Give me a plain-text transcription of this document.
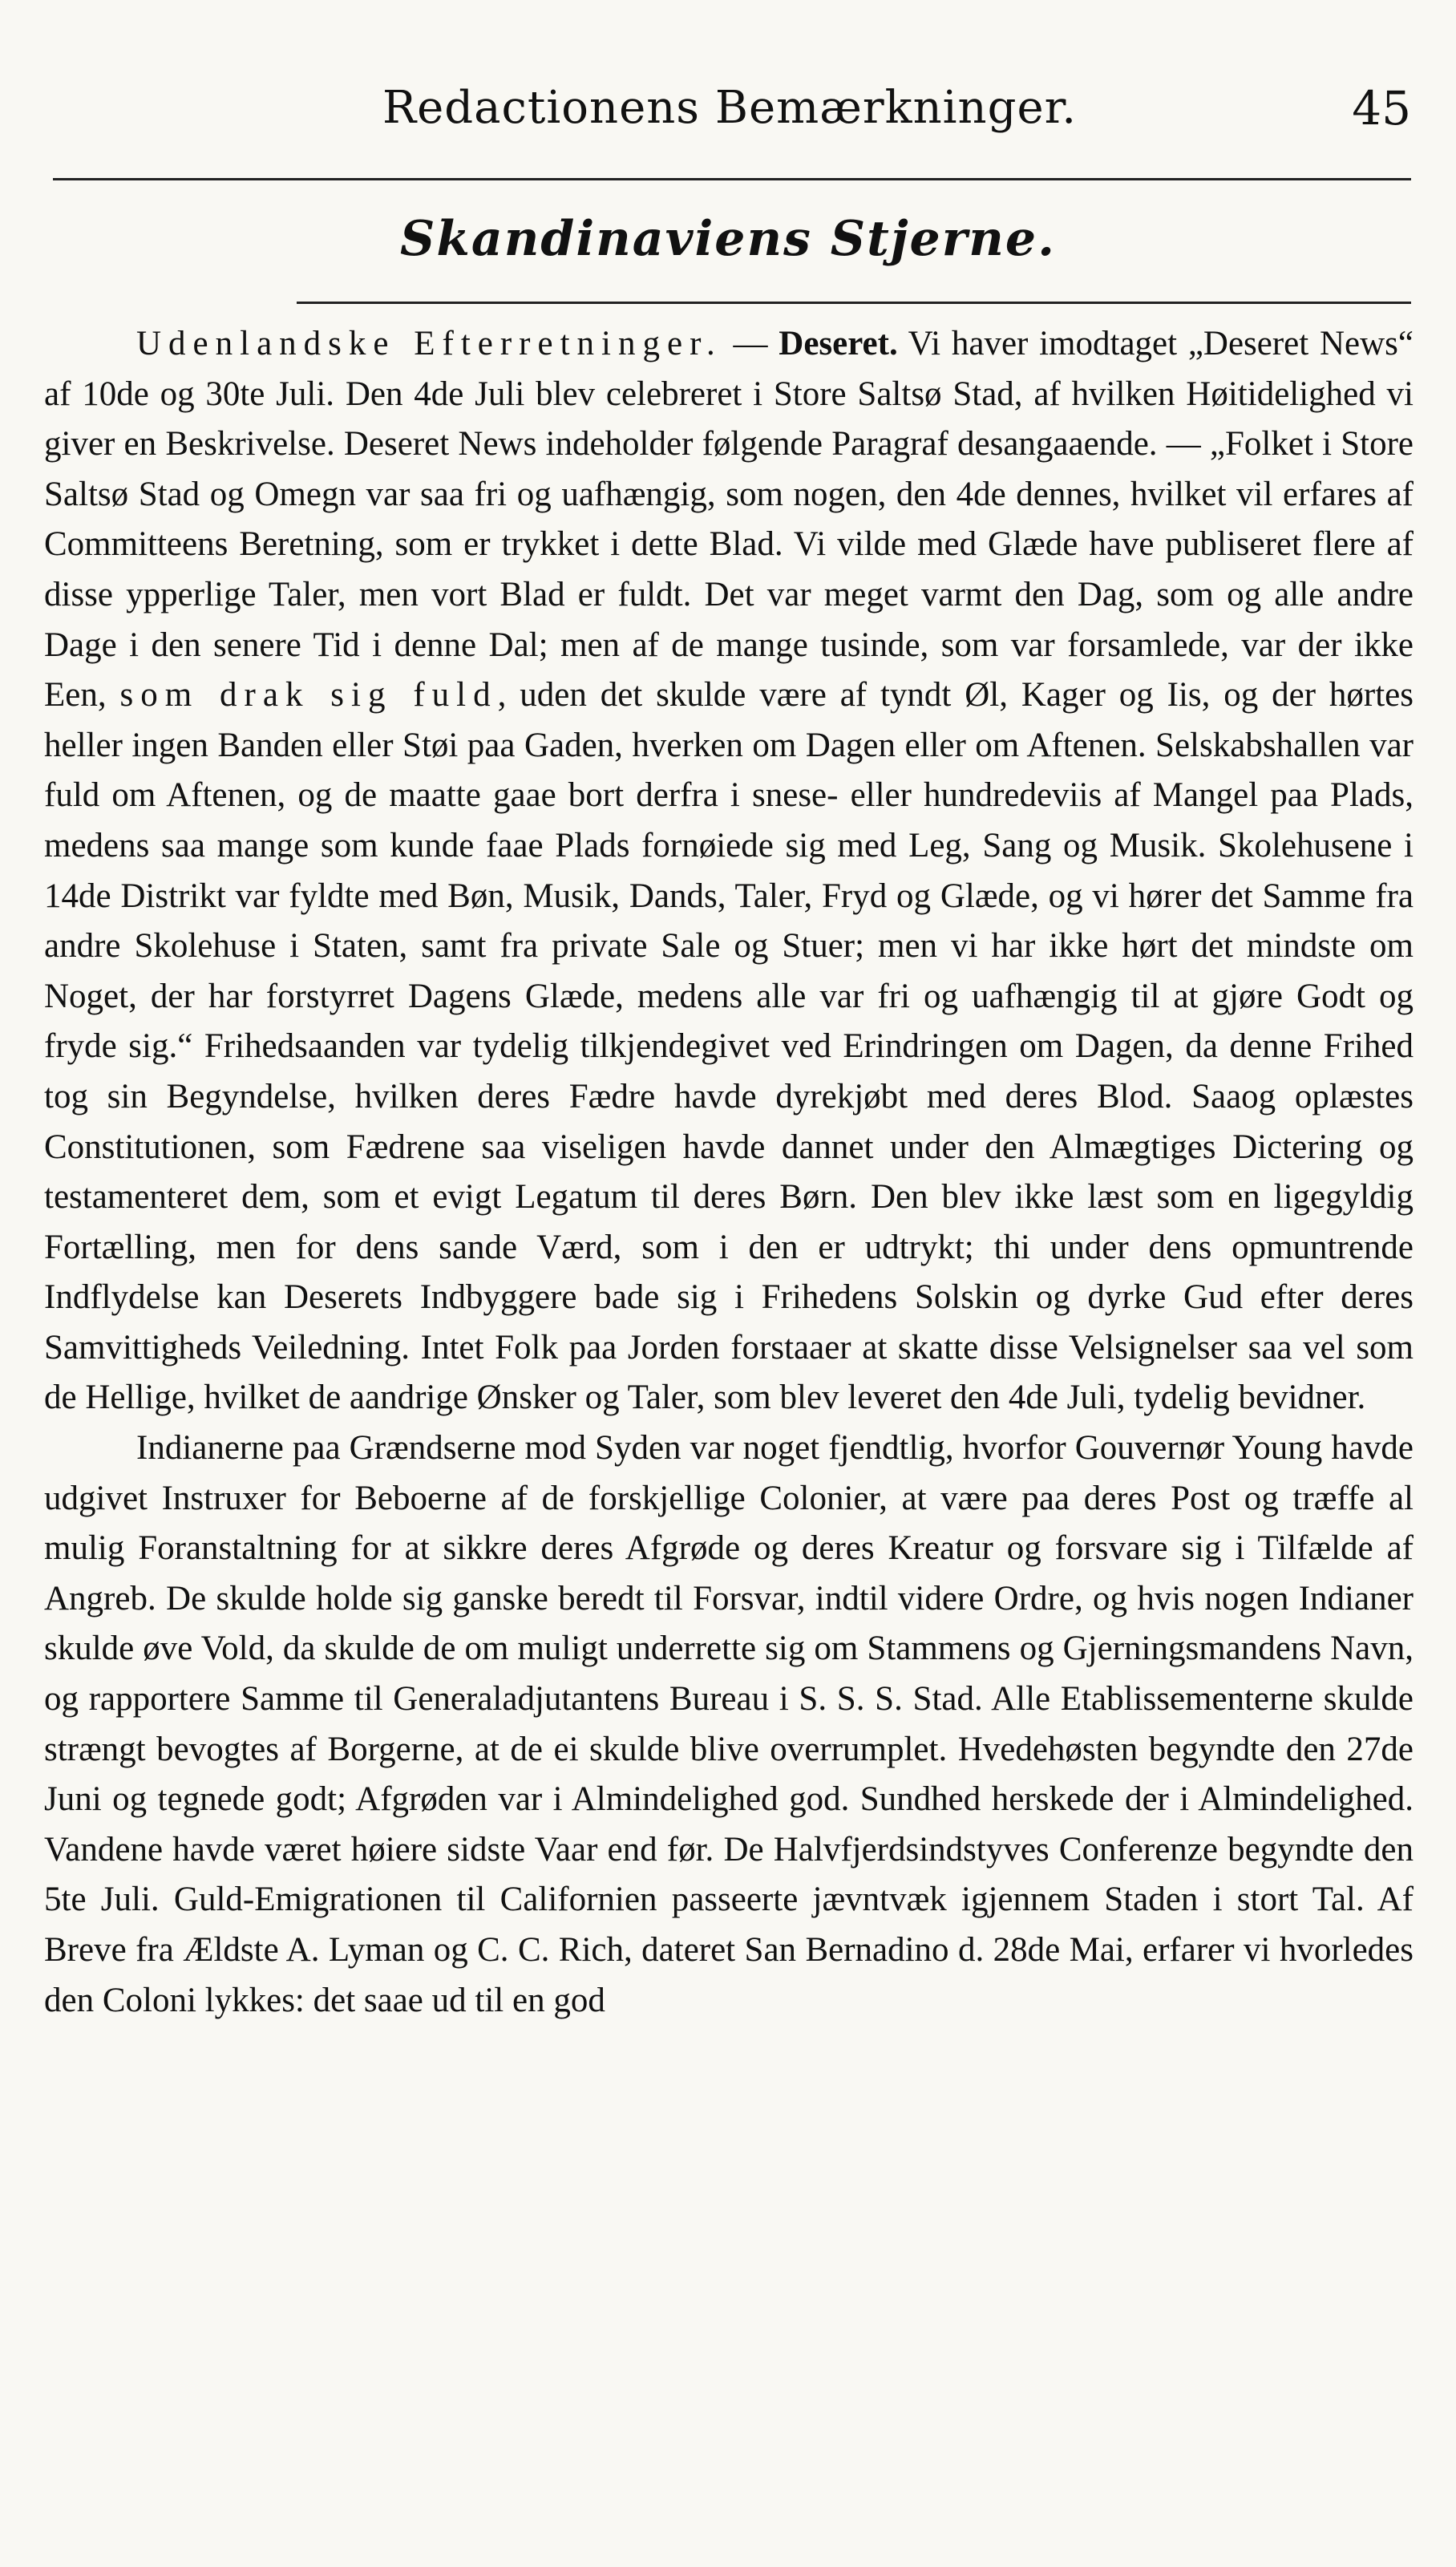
Redactionens Bemærkninger.	45
Skandinaviens Stjerne.

Udenlandske Efterretninger. — Deseret. Vi haver imodtaget „Deseret News“ af 10de og 30te Juli. Den 4de Juli blev celebreret i Store Saltsø Stad, af hvilken Høitidelighed vi giver en Beskrivelse. Deseret News indeholder følgende Paragraf desangaaende. — „Folket i Store Saltsø Stad og Omegn var saa fri og uafhængig, som nogen, den 4de dennes, hvilket vil erfares af Committeens Beretning, som er trykket i dette Blad. Vi vilde med Glæde have publiseret flere af disse ypperlige Taler, men vort Blad er fuldt. Det var meget varmt den Dag, som og alle andre Dage i den senere Tid i denne Dal; men af de mange tusinde, som var forsamlede, var der ikke Een, som drak sig fuld, uden det skulde være af tyndt Øl, Kager og Iis, og der hørtes heller ingen Banden eller Støi paa Gaden, hverken om Dagen eller om Aftenen. Selskabshallen var fuld om Aftenen, og de maatte gaae bort derfra i snese- eller hundredeviis af Mangel paa Plads, medens saa mange som kunde faae Plads fornøiede sig med Leg, Sang og Musik. Skolehusene i 14de Distrikt var fyldte med Bøn, Musik, Dands, Taler, Fryd og Glæde, og vi hører det Samme fra andre Skolehuse i Staten, samt fra private Sale og Stuer; men vi har ikke hørt det mindste om Noget, der har forstyrret Dagens Glæde, medens alle var fri og uafhængig til at gjøre Godt og fryde sig.“ Frihedsaanden var tydelig tilkjendegivet ved Erindringen om Dagen, da denne Frihed tog sin Begyndelse, hvilken deres Fædre havde dyrekjøbt med deres Blod. Saaog oplæstes Constitutionen, som Fædrene saa viseligen havde dannet under den Almægtiges Dictering og testamenteret dem, som et evigt Legatum til deres Børn. Den blev ikke læst som en ligegyldig Fortælling, men for dens sande Værd, som i den er udtrykt; thi under dens opmuntrende Indflydelse kan Deserets Indbyggere bade sig i Frihedens Solskin og dyrke Gud efter deres Samvittigheds Veiledning. Intet Folk paa Jorden forstaaer at skatte disse Velsignelser saa vel som de Hellige, hvilket de aandrige Ønsker og Taler, som blev leveret den 4de Juli, tydelig bevidner.

Indianerne paa Grændserne mod Syden var noget fjendtlig, hvorfor Gouvernør Young havde udgivet Instruxer for Beboerne af de forskjellige Colonier, at være paa deres Post og træffe al mulig Foranstaltning for at sikkre deres Afgrøde og deres Kreatur og forsvare sig i Tilfælde af Angreb. De skulde holde sig ganske beredt til Forsvar, indtil videre Ordre, og hvis nogen Indianer skulde øve Vold, da skulde de om muligt underrette sig om Stammens og Gjerningsmandens Navn, og rapportere Samme til Generaladjutantens Bureau i S. S. S. Stad. Alle Etablissementerne skulde strængt bevogtes af Borgerne, at de ei skulde blive overrumplet. Hvedehøsten begyndte den 27de Juni og tegnede godt; Afgrøden var i Almindelighed god. Sundhed herskede der i Almindelighed. Vandene havde været høiere sidste Vaar end før. De Halvfjerdsindstyves Conferenze begyndte den 5te Juli. Guld-Emigrationen til Californien passeerte jævntvæk igjennem Staden i stort Tal. Af Breve fra Ældste A. Lyman og C. C. Rich, dateret San Bernadino d. 28de Mai, erfarer vi hvorledes den Coloni lykkes: det saae ud til en god
